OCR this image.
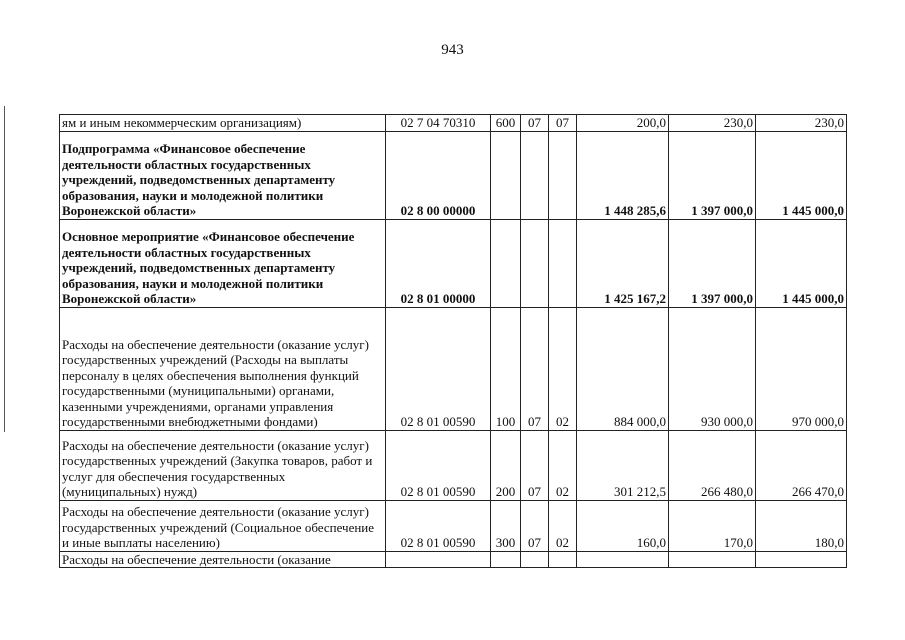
943
ям и иным некоммерческим организациям)	02 7 04 70310	600	07	07	200,0	230,0	230,0
Подпрограмма «Финансовое обеспечение деятельности областных государственных учреждений, подведомственных департаменту образования, науки и молодежной политики Воронежской области»	02 8 00 00000				1 448 285,6	1 397 000,0	1 445 000,0
Основное мероприятие «Финансовое обеспечение деятельности областных государственных учреждений, подведомственных департаменту образования, науки и молодежной политики Воронежской области»	02 8 01 00000				1 425 167,2	1 397 000,0	1 445 000,0
Расходы на обеспечение деятельности (оказание услуг) государственных учреждений (Расходы на выплаты персоналу в целях обеспечения выполнения функций государственными (муниципальными) органами, казенными учреждениями, органами управления государственными внебюджетными фондами)	02 8 01 00590	100	07	02	884 000,0	930 000,0	970 000,0
Расходы на обеспечение деятельности (оказание услуг) государственных учреждений (Закупка товаров, работ и услуг для обеспечения государственных (муниципальных) нужд)	02 8 01 00590	200	07	02	301 212,5	266 480,0	266 470,0
Расходы на обеспечение деятельности (оказание услуг) государственных учреждений (Социальное обеспечение и иные выплаты населению)	02 8 01 00590	300	07	02	160,0	170,0	180,0
Расходы на обеспечение деятельности (оказание							
